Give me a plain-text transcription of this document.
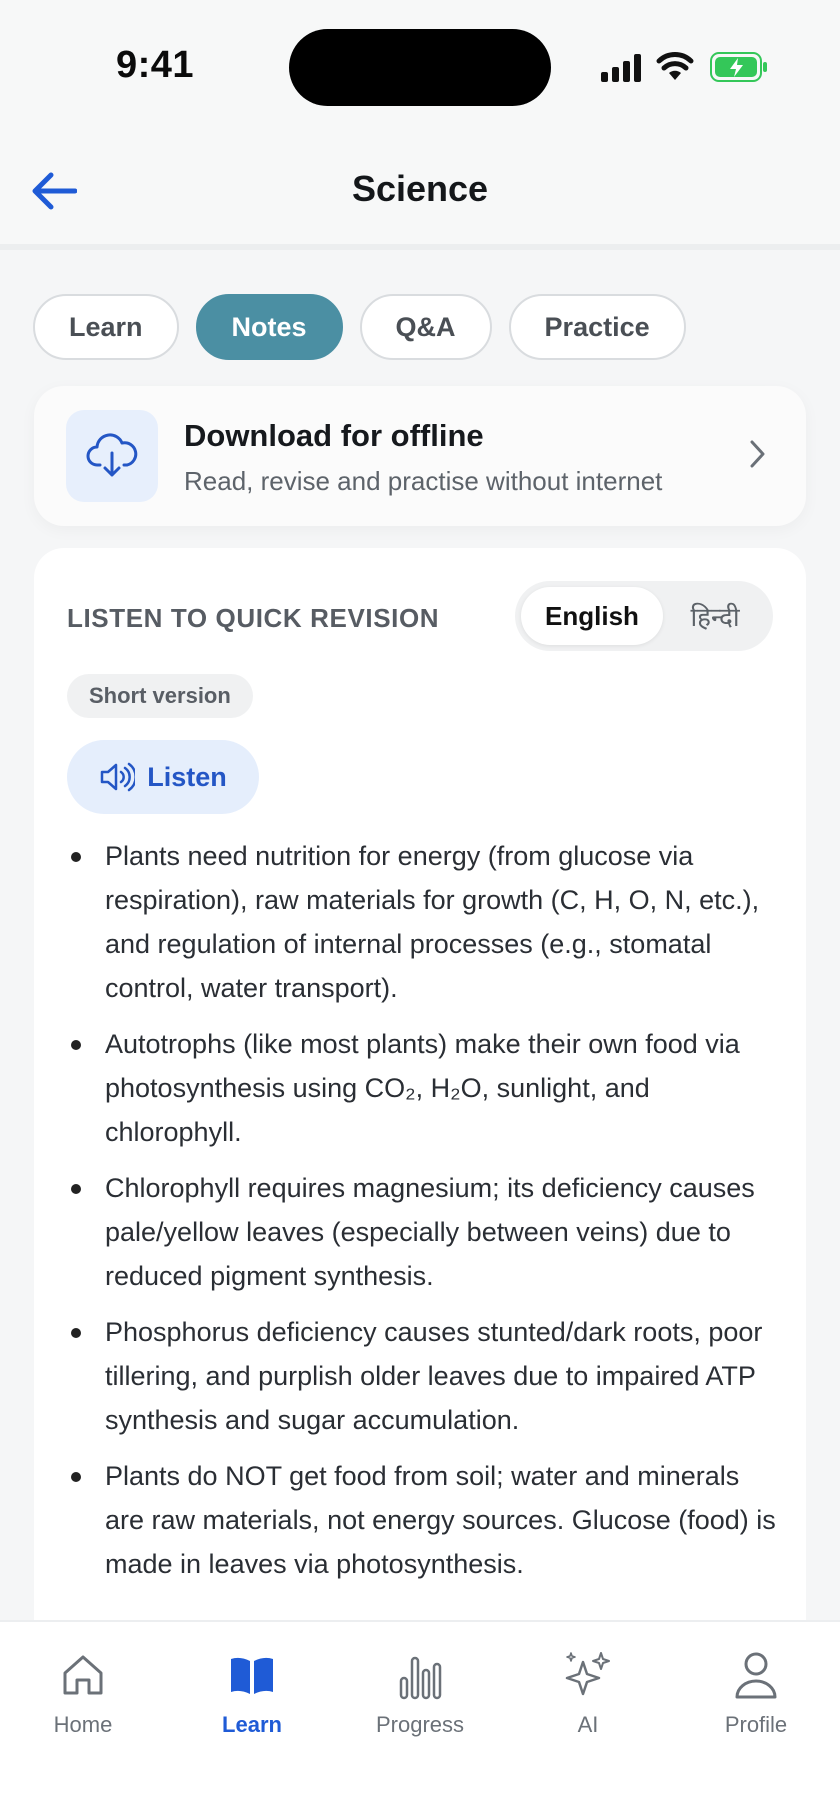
9:41
Science
Learn	Notes	Q&A	Practice
Download for offline
Read, revise and practise without internet
LISTEN TO QUICK REVISION	English	हिन्दी
Short version
Listen
Plants need nutrition for energy (from glucose via respiration), raw materials for growth (C, H, O, N, etc.), and regulation of internal processes (e.g., stomatal control, water transport).
Autotrophs (like most plants) make their own food via photosynthesis using CO₂, H₂O, sunlight, and chlorophyll.
Chlorophyll requires magnesium; its deficiency causes pale/yellow leaves (especially between veins) due to reduced pigment synthesis.
Phosphorus deficiency causes stunted/dark roots, poor tillering, and purplish older leaves due to impaired ATP synthesis and sugar accumulation.
Plants do NOT get food from soil; water and minerals are raw materials, not energy sources. Glucose (food) is made in leaves via photosynthesis.
Home	Learn	Progress	AI	Profile
